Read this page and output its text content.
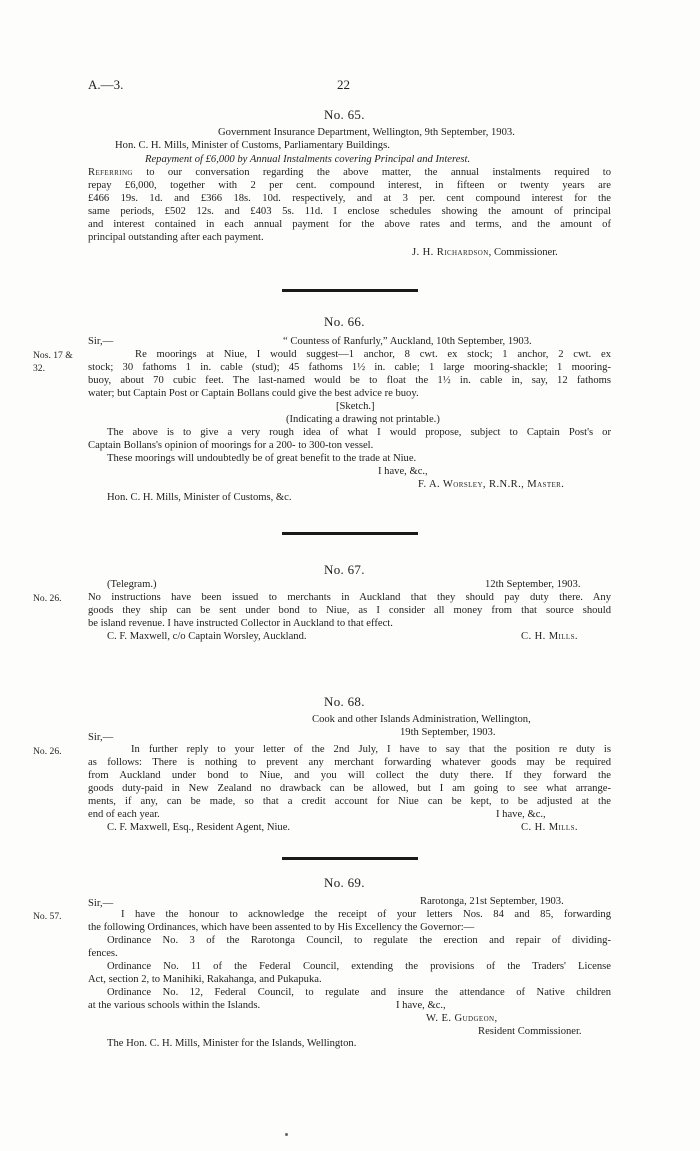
A.—3.	22
No. 65.
Government Insurance Department, Wellington, 9th September, 1903.
Hon. C. H. Mills, Minister of Customs, Parliamentary Buildings.
Repayment of £6,000 by Annual Instalments covering Principal and Interest.
Referring to our conversation regarding the above matter, the annual instalments required to
repay £6,000, together with 2 per cent. compound interest, in fifteen or twenty years are
£466 19s. 1d. and £366 18s. 10d. respectively, and at 3 per. cent compound interest for the
same periods, £502 12s. and £403 5s. 11d. I enclose schedules showing the amount of principal
and interest contained in each annual payment for the above rates and terms, and the amount of
principal outstanding after each payment.
J. H. Richardson, Commissioner.
No. 66.
Sir,—	“ Countess of Ranfurly,” Auckland, 10th September, 1903.
Nos. 17 &
32.
Re moorings at Niue, I would suggest—1 anchor, 8 cwt. ex stock; 1 anchor, 2 cwt. ex
stock; 30 fathoms 1 in. cable (stud); 45 fathoms 1½ in. cable; 1 large mooring-shackle; 1 mooring-
buoy, about 70 cubic feet. The last-named would be to float the 1½ in. cable in, say, 12 fathoms
water; but Captain Post or Captain Bollans could give the best advice re buoy.
[Sketch.]
(Indicating a drawing not printable.)
The above is to give a very rough idea of what I would propose, subject to Captain Post's or
Captain Bollans's opinion of moorings for a 200- to 300-ton vessel.
These moorings will undoubtedly be of great benefit to the trade at Niue.
I have, &c.,
F. A. Worsley, R.N.R., Master.
Hon. C. H. Mills, Minister of Customs, &c.
No. 67.
(Telegram.)	12th September, 1903.
No. 26. No instructions have been issued to merchants in Auckland that they should pay duty there. Any
goods they ship can be sent under bond to Niue, as I consider all money from that source should
be island revenue. I have instructed Collector in Auckland to that effect.
C. F. Maxwell, c/o Captain Worsley, Auckland.	C. H. Mills.
No. 68.
Cook and other Islands Administration, Wellington,
19th September, 1903.
Sir,—
No. 26.	In further reply to your letter of the 2nd July, I have to say that the position re duty is
as follows: There is nothing to prevent any merchant forwarding whatever goods may be required
from Auckland under bond to Niue, and you will collect the duty there. If they forward the
goods duty-paid in New Zealand no drawback can be allowed, but I am going to see what arrange-
ments, if any, can be made, so that a credit account for Niue can be kept, to be adjusted at the
end of each year.	I have, &c.,
C. F. Maxwell, Esq., Resident Agent, Niue.	C. H. Mills.
No. 69.
Sir,—	Rarotonga, 21st September, 1903.
No. 57.	I have the honour to acknowledge the receipt of your letters Nos. 84 and 85, forwarding
the following Ordinances, which have been assented to by His Excellency the Governor:—
Ordinance No. 3 of the Rarotonga Council, to regulate the erection and repair of dividing-
fences.
Ordinance No. 11 of the Federal Council, extending the provisions of the Traders' License
Act, section 2, to Manihiki, Rakahanga, and Pukapuka.
Ordinance No. 12, Federal Council, to regulate and insure the attendance of Native children
at the various schools within the Islands.	I have, &c.,
W. E. Gudgeon,
Resident Commissioner.
The Hon. C. H. Mills, Minister for the Islands, Wellington.
